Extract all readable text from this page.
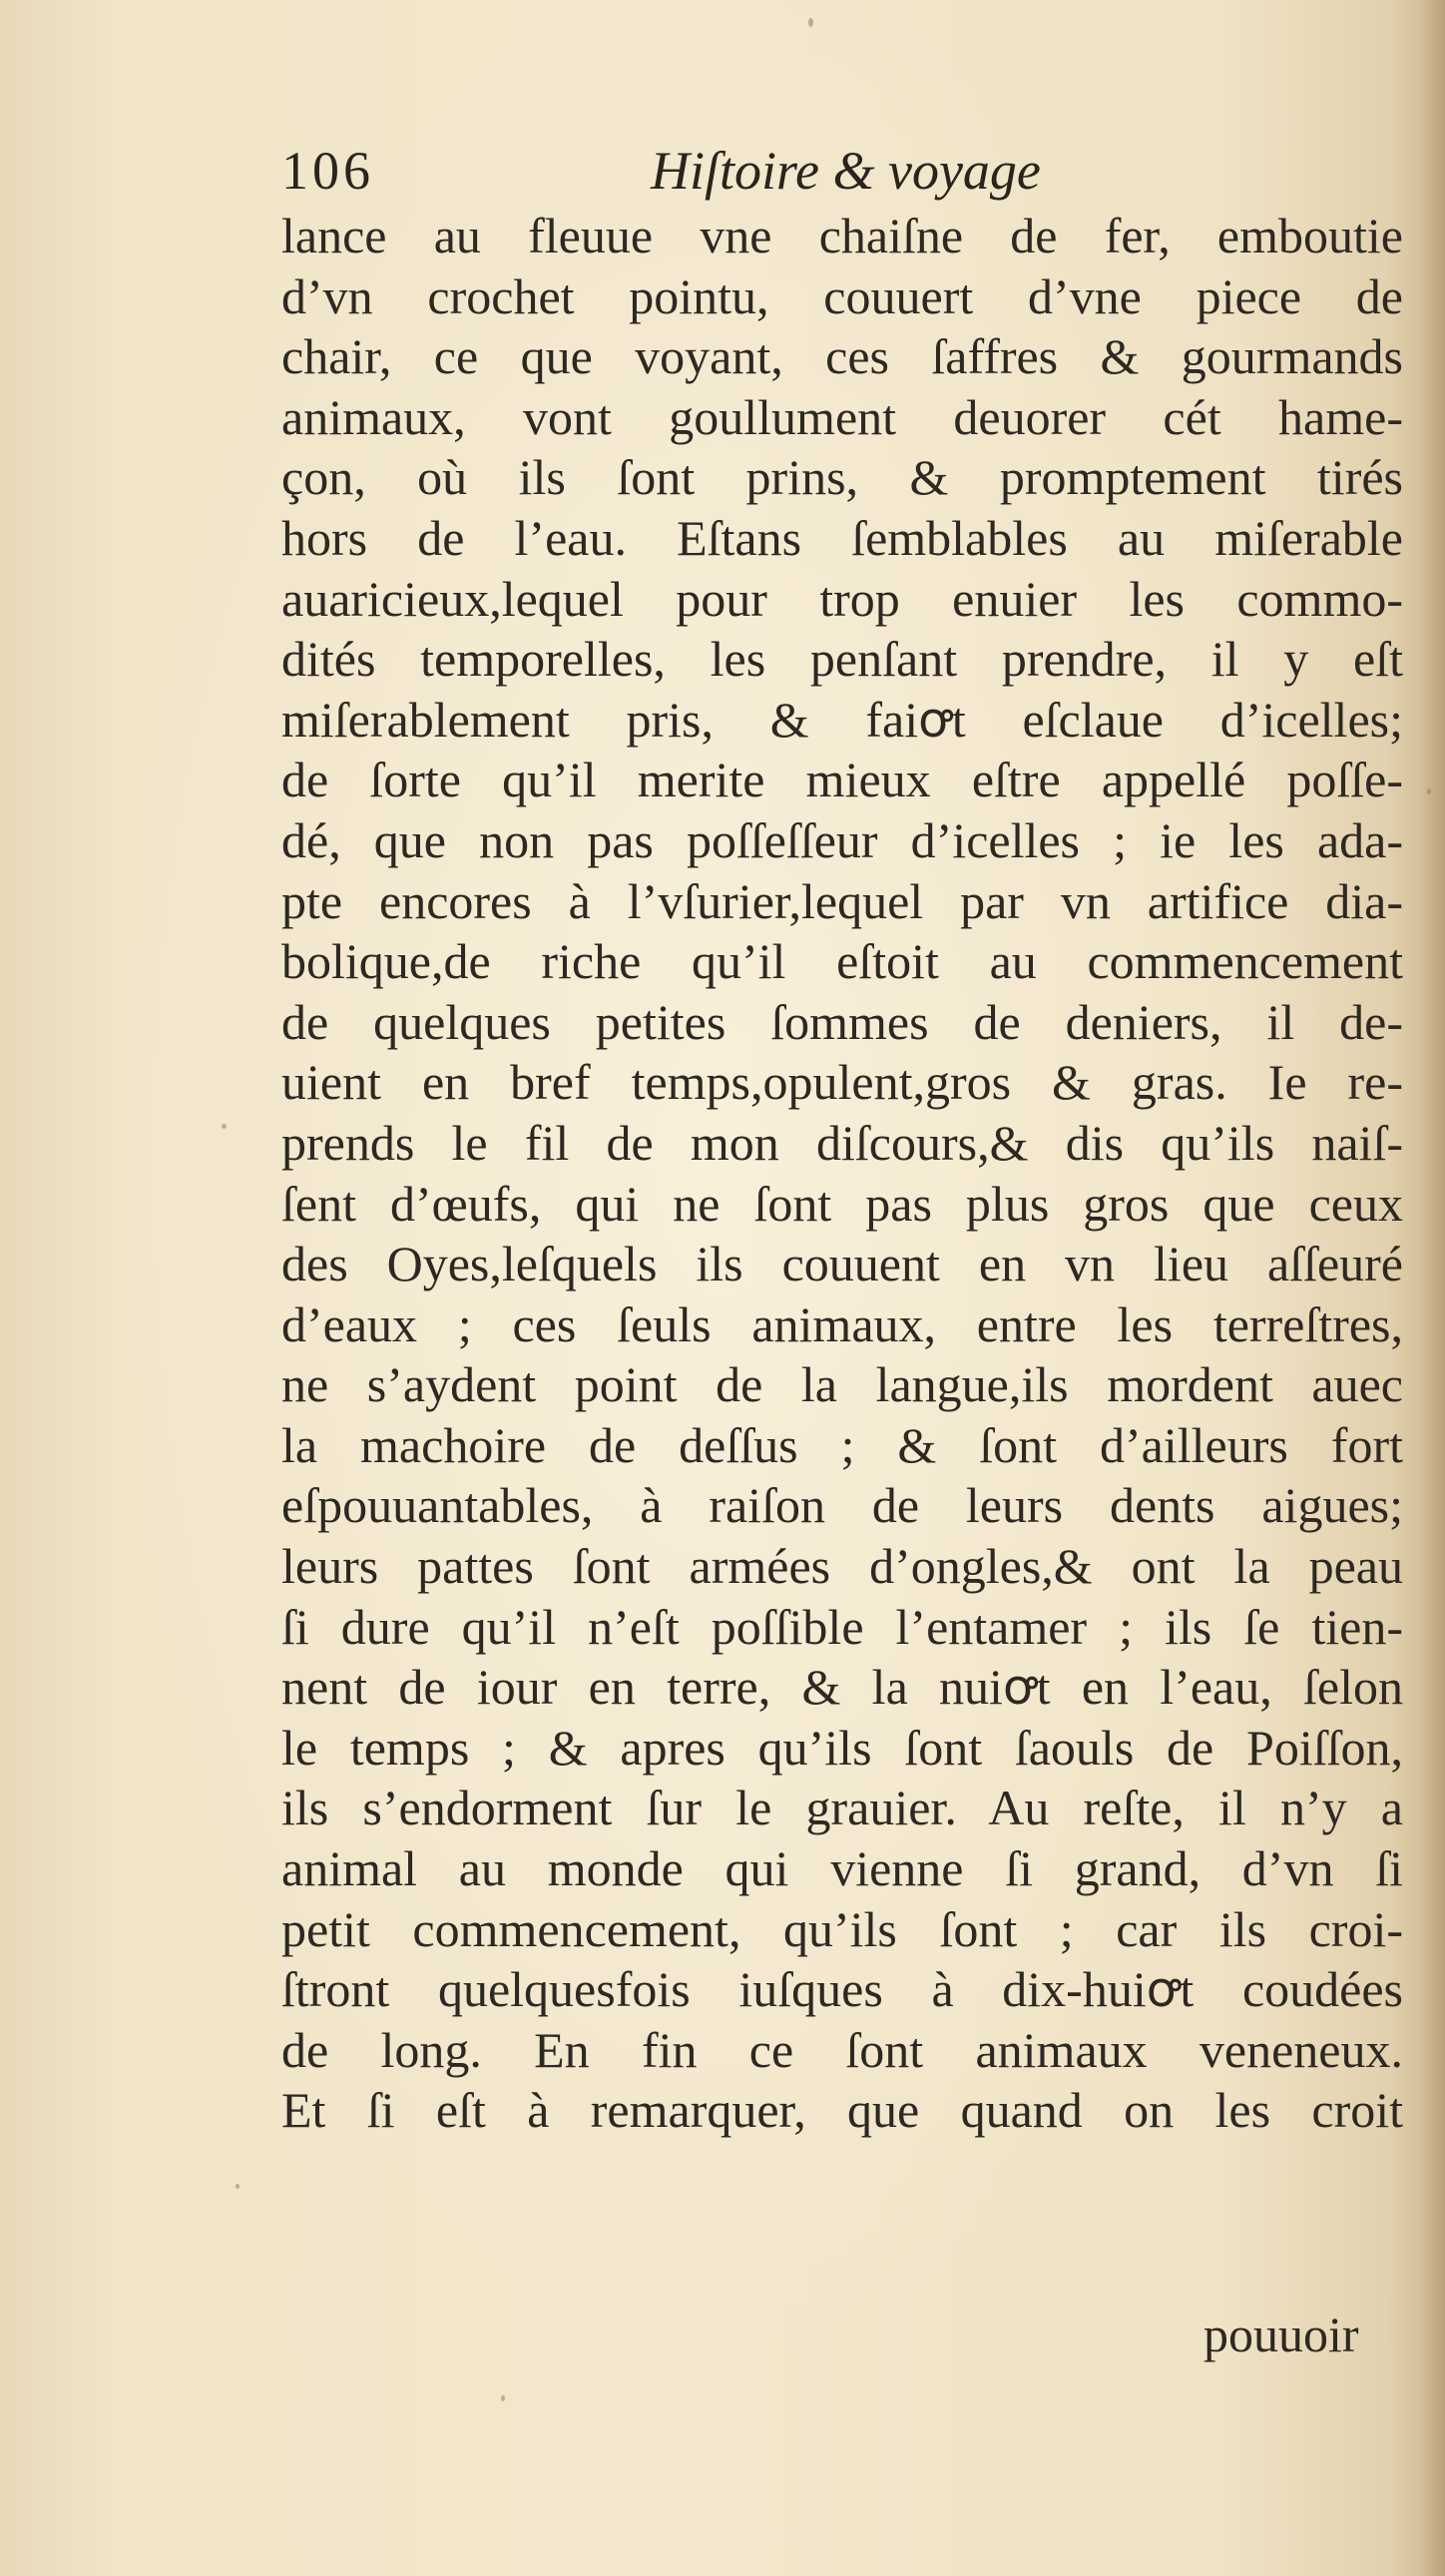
106	Hiſtoire & voyage
lance au fleuue vne chaiſne de fer, emboutie
d’vn crochet pointu, couuert d’vne piece de
chair, ce que voyant, ces ſaffres & gourmands
animaux, vont goullument deuorer cét hame-
çon, où ils ſont prins, & promptement tirés
hors de l’eau. Eſtans ſemblables au miſerable
auaricieux,lequel pour trop enuier les commo-
dités temporelles, les penſant prendre, il y eſt
miſerablement pris, & faiꝍt eſclaue d’icelles;
de ſorte qu’il merite mieux eſtre appellé poſſe-
dé, que non pas poſſeſſeur d’icelles ; ie les ada-
pte encores à l’vſurier,lequel par vn artifice dia-
bolique,de riche qu’il eſtoit au commencement
de quelques petites ſommes de deniers, il de-
uient en bref temps,opulent,gros & gras. Ie re-
prends le fil de mon diſcours,& dis qu’ils naiſ-
ſent d’œufs, qui ne ſont pas plus gros que ceux
des Oyes,leſquels ils couuent en vn lieu aſſeuré
d’eaux ; ces ſeuls animaux, entre les terreſtres,
ne s’aydent point de la langue,ils mordent auec
la machoire de deſſus ; & ſont d’ailleurs fort
eſpouuantables, à raiſon de leurs dents aigues;
leurs pattes ſont armées d’ongles,& ont la peau
ſi dure qu’il n’eſt poſſible l’entamer ; ils ſe tien-
nent de iour en terre, & la nuiꝍt en l’eau, ſelon
le temps ; & apres qu’ils ſont ſaouls de Poiſſon,
ils s’endorment ſur le grauier. Au reſte, il n’y a
animal au monde qui vienne ſi grand, d’vn ſi
petit commencement, qu’ils ſont ; car ils croi-
ſtront quelquesfois iuſques à dix-huiꝍt coudées
de long. En fin ce ſont animaux veneneux.
Et ſi eſt à remarquer, que quand on les croit
pouuoir
